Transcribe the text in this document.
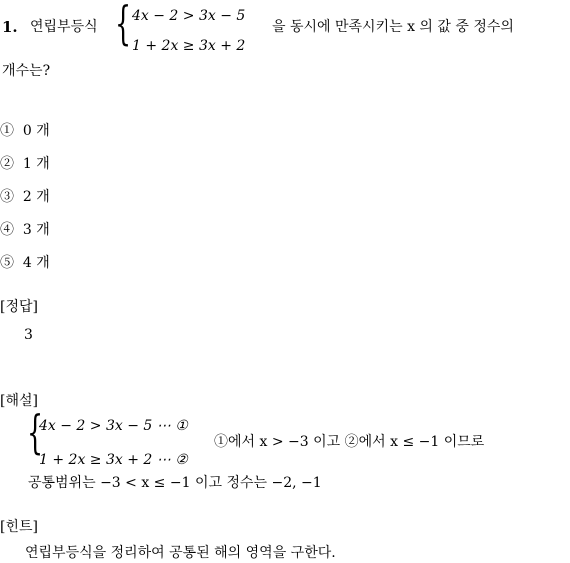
1. 연립부등식 { 4x − 2 > 3x − 5
1 + 2x ≥ 3x + 2
을 동시에 만족시키는 x 의 값 중 정수의
개수는?
① 0 개
② 1 개
③ 2 개
④ 3 개
⑤ 4 개
[정답]
3
[해설]
{
4x − 2 > 3x − 5 ⋯ ①
1 + 2x ≥ 3x + 2 ⋯ ②
①에서 x > −3 이고 ②에서 x ≤ −1 이므로
공통범위는 −3 < x ≤ −1 이고 정수는 −2, −1
[힌트]
연립부등식을 정리하여 공통된 해의 영역을 구한다.
